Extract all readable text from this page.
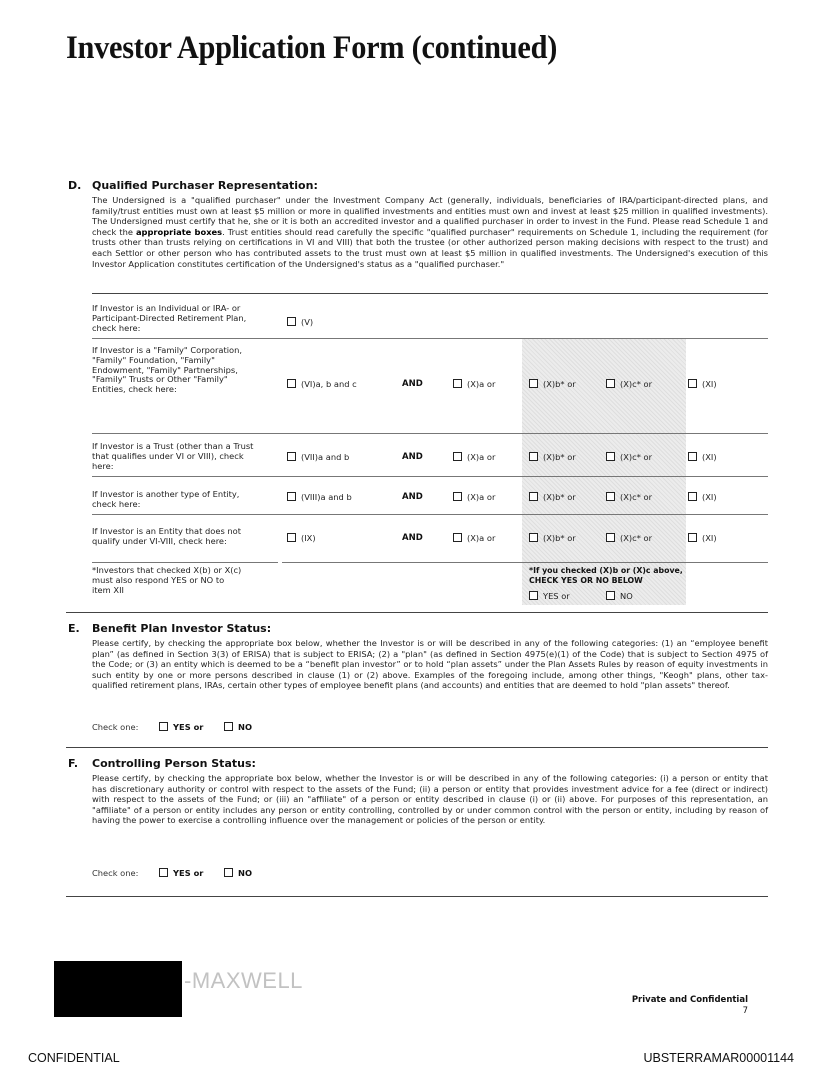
Investor Application Form (continued)
D. Qualified Purchaser Representation:
The Undersigned is a "qualified purchaser" under the Investment Company Act (generally, individuals, beneficiaries of IRA/participant-directed plans, and family/trust entities must own at least $5 million or more in qualified investments and entities must own and invest at least $25 million in qualified investments). The Undersigned must certify that he, she or it is both an accredited investor and a qualified purchaser in order to invest in the Fund. Please read Schedule 1 and check the appropriate boxes. Trust entities should read carefully the specific "qualified purchaser" requirements on Schedule 1, including the requirement (for trusts other than trusts relying on certifications in VI and VIII) that both the trustee (or other authorized person making decisions with respect to the trust) and each Settlor or other person who has contributed assets to the trust must own at least $5 million in qualified investments. The Undersigned's execution of this Investor Application constitutes certification of the Undersigned's status as a "qualified purchaser."
If Investor is an Individual or IRA- or Participant-Directed Retirement Plan, check here:
(V)
If Investor is a "Family" Corporation, "Family" Foundation, "Family" Endowment, "Family" Partnerships, "Family" Trusts or Other "Family" Entities, check here:
(VI)a, b and c	AND	(X)a or	(X)b* or	(X)c* or	(XI)
If Investor is a Trust (other than a Trust that qualifies under VI or VIII), check here:
(VII)a and b	AND	(X)a or	(X)b* or	(X)c* or	(XI)
If Investor is another type of Entity, check here:
(VIII)a and b	AND	(X)a or	(X)b* or	(X)c* or	(XI)
If Investor is an Entity that does not qualify under VI-VIII, check here:	(IX)	AND	(X)a or	(X)b* or	(X)c* or	(XI)
*Investors that checked X(b) or X(c) must also respond YES or NO to item XII
*If you checked (X)b or (X)c above,
CHECK YES OR NO BELOW
YES or	NO
E. Benefit Plan Investor Status:
Please certify, by checking the appropriate box below, whether the Investor is or will be described in any of the following categories: (1) an “employee benefit plan” (as defined in Section 3(3) of ERISA) that is subject to ERISA; (2) a "plan" (as defined in Section 4975(e)(1) of the Code) that is subject to Section 4975 of the Code; or (3) an entity which is deemed to be a “benefit plan investor” or to hold “plan assets” under the Plan Assets Rules by reason of equity investments in such entity by one or more persons described in clause (1) or (2) above. Examples of the foregoing include, among other things, "Keogh" plans, other tax-qualified retirement plans, IRAs, certain other types of employee benefit plans (and accounts) and entities that are deemed to hold "plan assets" thereof.
Check one:	YES or	NO
F. Controlling Person Status:
Please certify, by checking the appropriate box below, whether the Investor is or will be described in any of the following categories: (i) a person or entity that has discretionary authority or control with respect to the assets of the Fund; (ii) a person or entity that provides investment advice for a fee (direct or indirect) with respect to the assets of the Fund; or (iii) an "affiliate" of a person or entity described in clause (i) or (ii) above. For purposes of this representation, an "affiliate" of a person or entity includes any person or entity controlling, controlled by or under common control with the person or entity, including by reason of having the power to exercise a controlling influence over the management or policies of the person or entity.
Check one:	YES or	NO
-MAXWELL
Private and Confidential
7
CONFIDENTIAL	UBSTERRAMAR00001144
